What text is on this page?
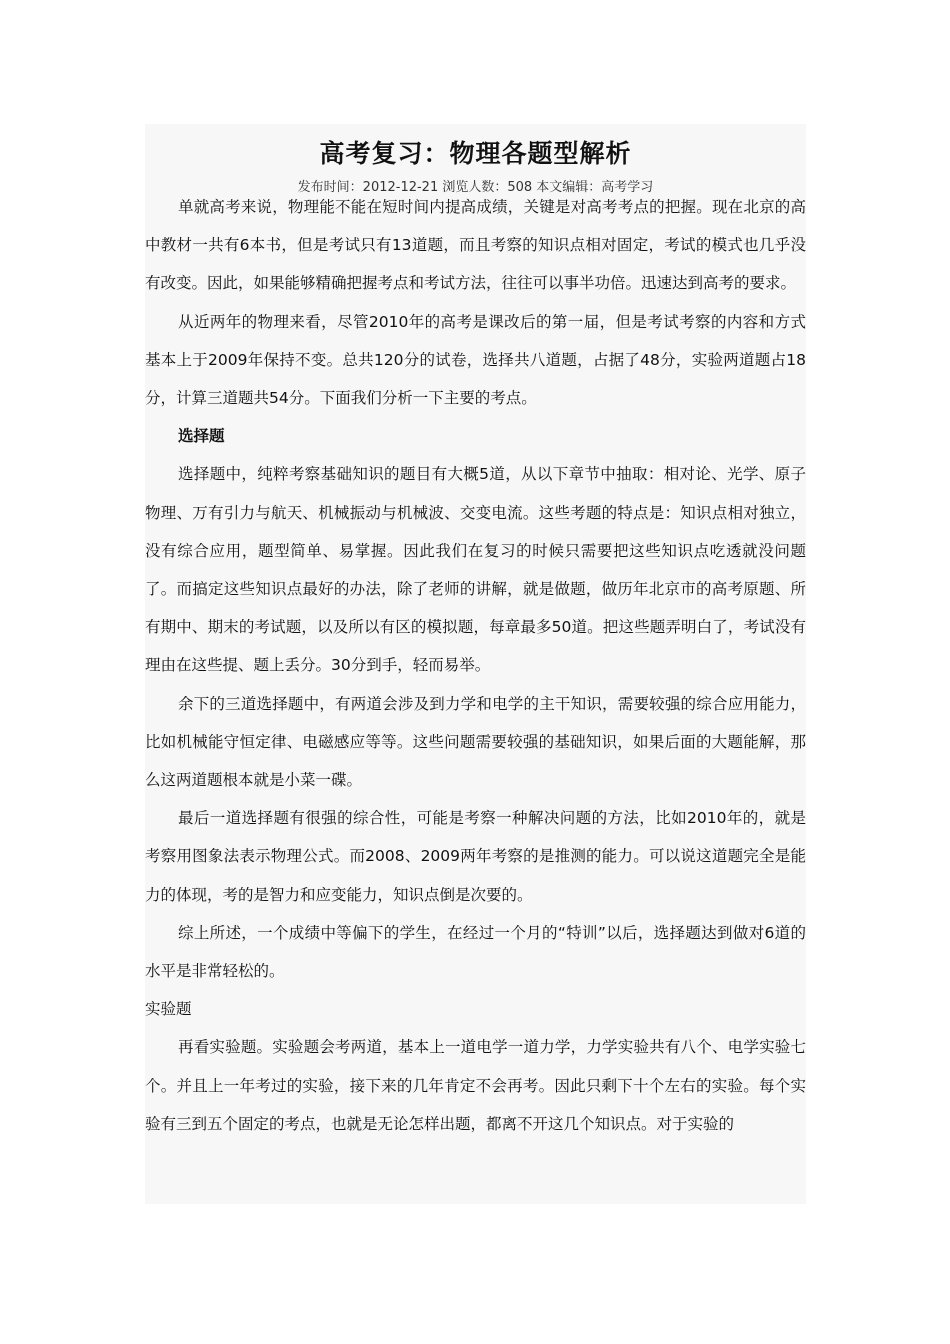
高考复习：物理各题型解析
发布时间：2012-12-21 浏览人数：508 本文编辑：高考学习

单就高考来说，物理能不能在短时间内提高成绩，关键是对高考考点的把握。现在北京的高中教材一共有6本书，但是考试只有13道题，而且考察的知识点相对固定，考试的模式也几乎没有改变。因此，如果能够精确把握考点和考试方法，往往可以事半功倍。迅速达到高考的要求。

从近两年的物理来看，尽管2010年的高考是课改后的第一届，但是考试考察的内容和方式基本上于2009年保持不变。总共120分的试卷，选择共八道题，占据了48分，实验两道题占18分，计算三道题共54分。下面我们分析一下主要的考点。

选择题

选择题中，纯粹考察基础知识的题目有大概5道，从以下章节中抽取：相对论、光学、原子物理、万有引力与航天、机械振动与机械波、交变电流。这些考题的特点是：知识点相对独立，没有综合应用，题型简单、易掌握。因此我们在复习的时候只需要把这些知识点吃透就没问题了。而搞定这些知识点最好的办法，除了老师的讲解，就是做题，做历年北京市的高考原题、所有期中、期末的考试题，以及所以有区的模拟题，每章最多50道。把这些题弄明白了，考试没有理由在这些提、题上丢分。30分到手，轻而易举。

余下的三道选择题中，有两道会涉及到力学和电学的主干知识，需要较强的综合应用能力，比如机械能守恒定律、电磁感应等等。这些问题需要较强的基础知识，如果后面的大题能解，那么这两道题根本就是小菜一碟。

最后一道选择题有很强的综合性，可能是考察一种解决问题的方法，比如2010年的，就是考察用图象法表示物理公式。而2008、2009两年考察的是推测的能力。可以说这道题完全是能力的体现，考的是智力和应变能力，知识点倒是次要的。

综上所述，一个成绩中等偏下的学生，在经过一个月的“特训”以后，选择题达到做对6道的水平是非常轻松的。

实验题

再看实验题。实验题会考两道，基本上一道电学一道力学，力学实验共有八个、电学实验七个。并且上一年考过的实验，接下来的几年肯定不会再考。因此只剩下十个左右的实验。每个实验有三到五个固定的考点，也就是无论怎样出题，都离不开这几个知识点。对于实验的
